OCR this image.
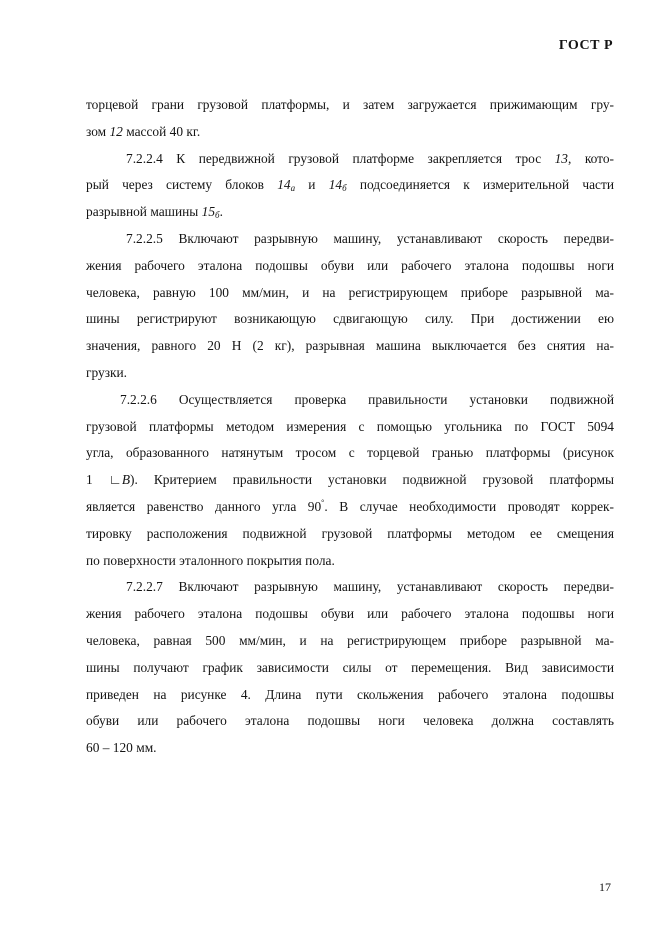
ГОСТ Р
торцевой грани грузовой платформы, и затем загружается прижимающим гру-
зом 12 массой 40 кг.
7.2.2.4 К передвижной грузовой платформе закрепляется трос 13, кото-
рый через систему блоков $14_а$ и $14_б$ подсоединяется к измерительной части
разрывной машины $15_б$.
7.2.2.5 Включают разрывную машину, устанавливают скорость передви-
жения рабочего эталона подошвы обуви или рабочего эталона подошвы ноги
человека, равную 100 мм/мин, и на регистрирующем приборе разрывной ма-
шины регистрируют возникающую сдвигающую силу. При достижении ею
значения, равного 20 Н (2 кг), разрывная машина выключается без снятия на-
грузки.
7.2.2.6 Осуществляется проверка правильности установки подвижной
грузовой платформы методом измерения с помощью угольника по ГОСТ 5094
угла, образованного натянутым тросом с торцевой гранью платформы (рисунок
1 ∟В). Критерием правильности установки подвижной грузовой платформы
является равенство данного угла 90°. В случае необходимости проводят коррек-
тировку расположения подвижной грузовой платформы методом ее смещения
по поверхности эталонного покрытия пола.
7.2.2.7 Включают разрывную машину, устанавливают скорость передви-
жения рабочего эталона подошвы обуви или рабочего эталона подошвы ноги
человека, равная 500 мм/мин, и на регистрирующем приборе разрывной ма-
шины получают график зависимости силы от перемещения. Вид зависимости
приведен на рисунке 4. Длина пути скольжения рабочего эталона подошвы
обуви или рабочего эталона подошвы ноги человека должна составлять
60 – 120 мм.
17
